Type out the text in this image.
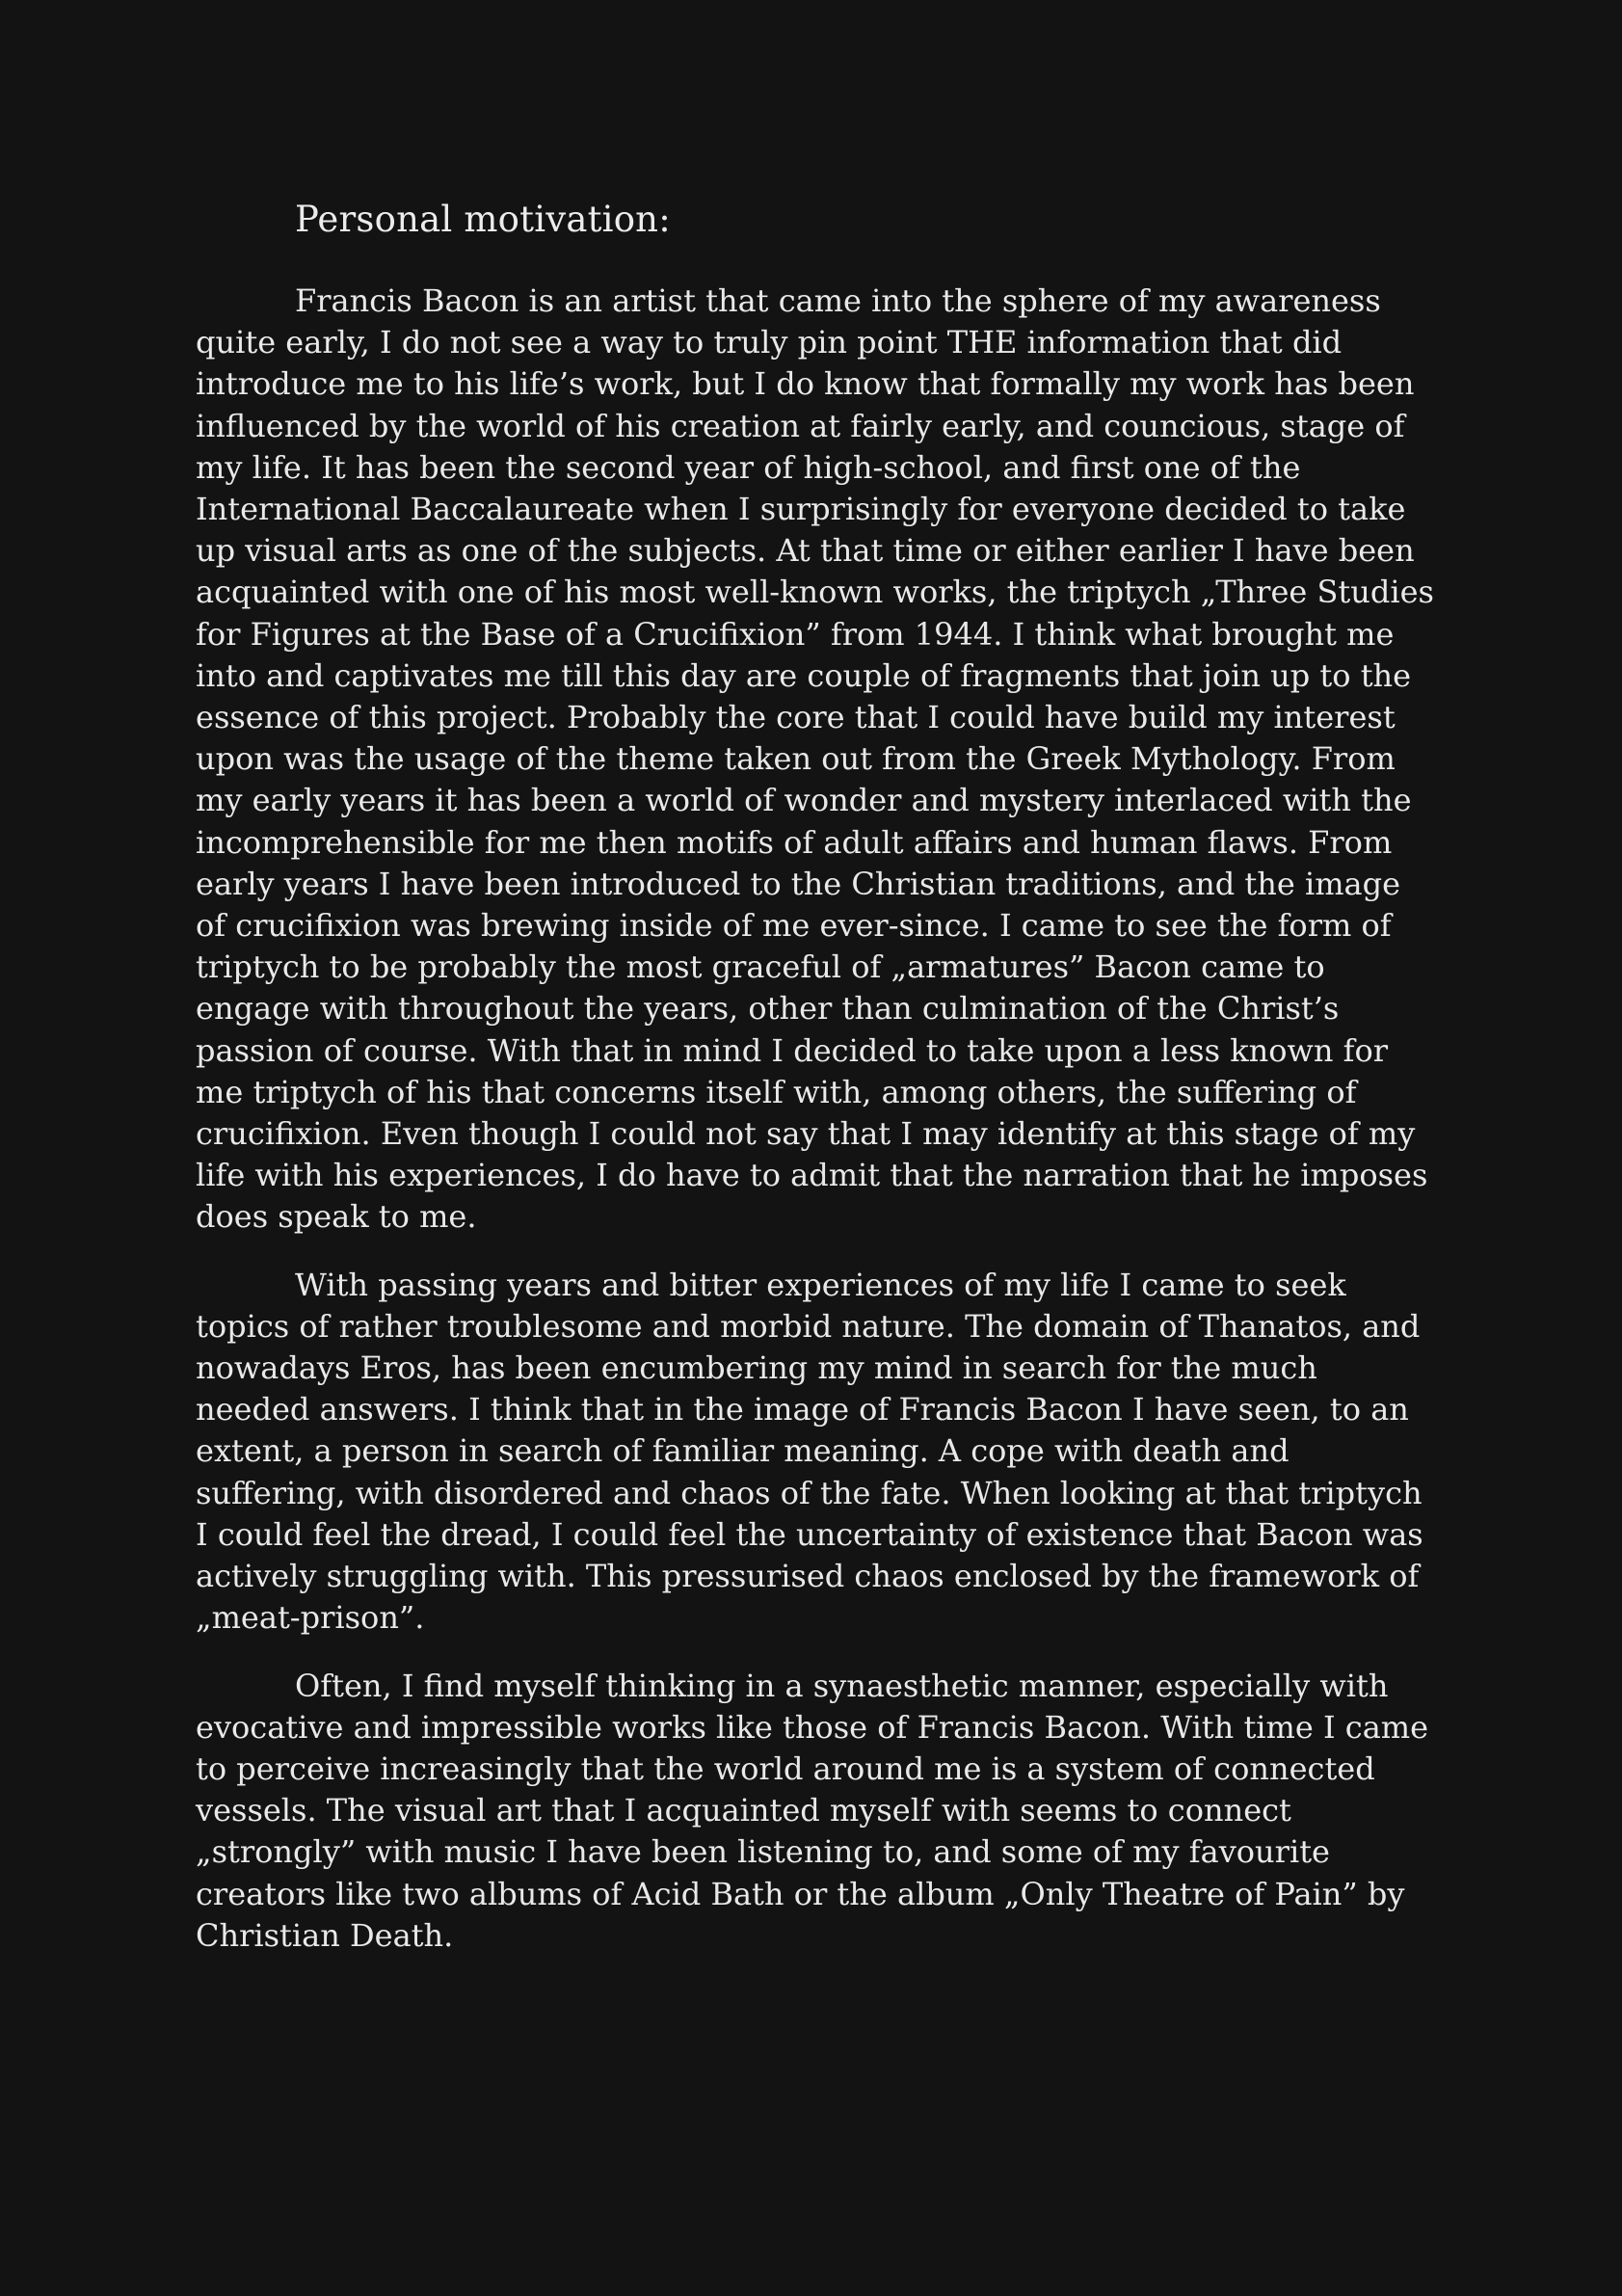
Personal motivation:

Francis Bacon is an artist that came into the sphere of my awareness quite early, I do not see a way to truly pin point THE information that did introduce me to his life’s work, but I do know that formally my work has been influenced by the world of his creation at fairly early, and councious, stage of my life. It has been the second year of high-school, and first one of the International Baccalaureate when I surprisingly for everyone decided to take up visual arts as one of the subjects. At that time or either earlier I have been acquainted with one of his most well-known works, the triptych „Three Studies for Figures at the Base of a Crucifixion” from 1944. I think what brought me into and captivates me till this day are couple of fragments that join up to the essence of this project. Probably the core that I could have build my interest upon was the usage of the theme taken out from the Greek Mythology. From my early years it has been a world of wonder and mystery interlaced with the incomprehensible for me then motifs of adult affairs and human flaws. From early years I have been introduced to the Christian traditions, and the image of crucifixion was brewing inside of me ever-since. I came to see the form of triptych to be probably the most graceful of „armatures” Bacon came to engage with throughout the years, other than culmination of the Christ’s passion of course. With that in mind I decided to take upon a less known for me triptych of his that concerns itself with, among others, the suffering of crucifixion. Even though I could not say that I may identify at this stage of my life with his experiences, I do have to admit that the narration that he imposes does speak to me.

With passing years and bitter experiences of my life I came to seek topics of rather troublesome and morbid nature. The domain of Thanatos, and nowadays Eros, has been encumbering my mind in search for the much needed answers. I think that in the image of Francis Bacon I have seen, to an extent, a person in search of familiar meaning. A cope with death and suffering, with disordered and chaos of the fate. When looking at that triptych I could feel the dread, I could feel the uncertainty of existence that Bacon was actively struggling with. This pressurised chaos enclosed by the framework of „meat-prison”.

Often, I find myself thinking in a synaesthetic manner, especially with evocative and impressible works like those of Francis Bacon. With time I came to perceive increasingly that the world around me is a system of connected vessels. The visual art that I acquainted myself with seems to connect „strongly” with music I have been listening to, and some of my favourite creators like two albums of Acid Bath or the album „Only Theatre of Pain” by Christian Death.
